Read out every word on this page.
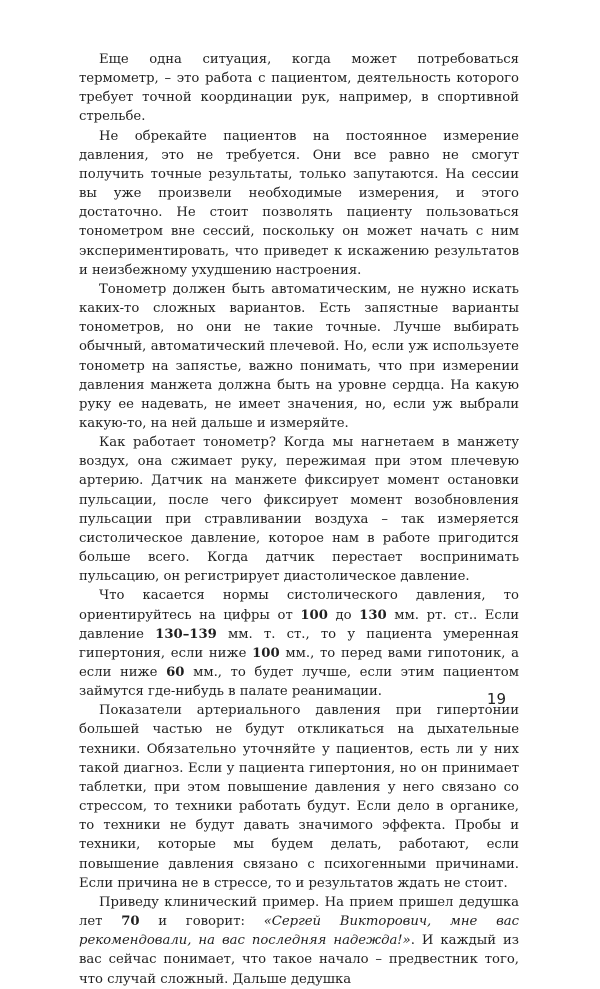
Еще одна ситуация, когда может потребоваться термометр, – это работа с пациентом, деятельность которого требует точной координации рук, например, в спортивной стрельбе.

Не обрекайте пациентов на постоянное измерение давления, это не требуется. Они все равно не смогут получить точные результаты, только запутаются. На сессии вы уже произвели необходимые измерения, и этого достаточно. Не стоит позволять пациенту пользоваться тонометром вне сессий, поскольку он может начать с ним экспериментировать, что приведет к искажению результатов и неизбежному ухудшению настроения.

Тонометр должен быть автоматическим, не нужно искать каких-то сложных вариантов. Есть запястные варианты тонометров, но они не такие точные. Лучше выбирать обычный, автоматический плечевой. Но, если уж используете тонометр на запястье, важно понимать, что при измерении давления манжета должна быть на уровне сердца. На какую руку ее надевать, не имеет значения, но, если уж выбрали какую-то, на ней дальше и измеряйте.

Как работает тонометр? Когда мы нагнетаем в манжету воздух, она сжимает руку, пережимая при этом плечевую артерию. Датчик на манжете фиксирует момент остановки пульсации, после чего фиксирует момент возобновления пульсации при стравливании воздуха – так измеряется систолическое давление, которое нам в работе пригодится больше всего. Когда датчик перестает воспринимать пульсацию, он регистрирует диастолическое давление.

Что касается нормы систолического давления, то ориентируйтесь на цифры от 100 до 130 мм. рт. ст.. Если давление 130–139 мм. т. ст., то у пациента умеренная гипертония, если ниже 100 мм., то перед вами гипотоник, а если ниже 60 мм., то будет лучше, если этим пациентом займутся где-нибудь в палате реанимации.

Показатели артериального давления при гипертонии большей частью не будут откликаться на дыхательные техники. Обязательно уточняйте у пациентов, есть ли у них такой диагноз. Если у пациента гипертония, но он принимает таблетки, при этом повышение давления у него связано со стрессом, то техники работать будут. Если дело в органике, то техники не будут давать значимого эффекта. Пробы и техники, которые мы будем делать, работают, если повышение давления связано с психогенными причинами. Если причина не в стрессе, то и результатов ждать не стоит.

Приведу клинический пример. На прием пришел дедушка лет 70 и говорит: «Сергей Викторович, мне вас рекомендовали, на вас последняя надежда!». И каждый из вас сейчас понимает, что такое начало – предвестник того, что случай сложный. Дальше дедушка

19
